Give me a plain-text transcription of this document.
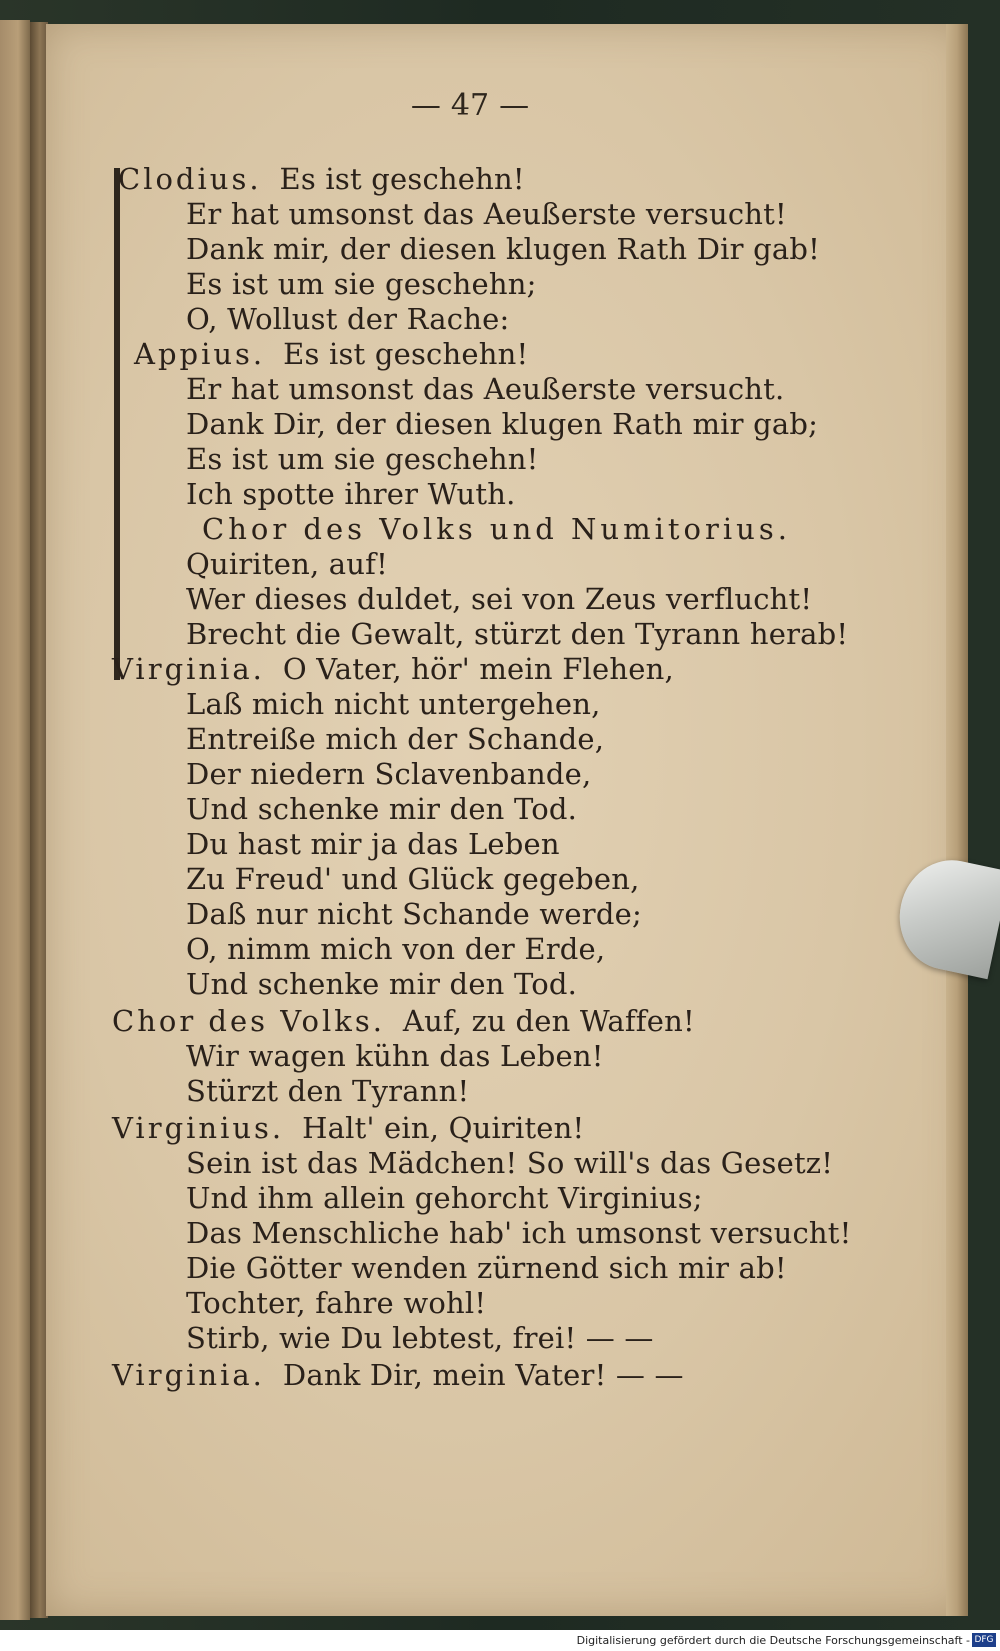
— 47 —
Clodius. Es ist geschehn!
Er hat umsonst das Aeußerste versucht!
Dank mir, der diesen klugen Rath Dir gab!
Es ist um sie geschehn;
O, Wollust der Rache:
Appius. Es ist geschehn!
Er hat umsonst das Aeußerste versucht.
Dank Dir, der diesen klugen Rath mir gab;
Es ist um sie geschehn!
Ich spotte ihrer Wuth.
Chor des Volks und Numitorius.
Quiriten, auf!
Wer dieses duldet, sei von Zeus verflucht!
Brecht die Gewalt, stürzt den Tyrann herab!
Virginia. O Vater, hör' mein Flehen,
Laß mich nicht untergehen,
Entreiße mich der Schande,
Der niedern Sclavenbande,
Und schenke mir den Tod.
Du hast mir ja das Leben
Zu Freud' und Glück gegeben,
Daß nur nicht Schande werde;
O, nimm mich von der Erde,
Und schenke mir den Tod.
Chor des Volks. Auf, zu den Waffen!
Wir wagen kühn das Leben!
Stürzt den Tyrann!
Virginius. Halt' ein, Quiriten!
Sein ist das Mädchen! So will's das Gesetz!
Und ihm allein gehorcht Virginius;
Das Menschliche hab' ich umsonst versucht!
Die Götter wenden zürnend sich mir ab!
Tochter, fahre wohl!
Stirb, wie Du lebtest, frei! — —
Virginia. Dank Dir, mein Vater! — —
Digitalisierung gefördert durch die Deutsche Forschungsgemeinschaft - DFG
